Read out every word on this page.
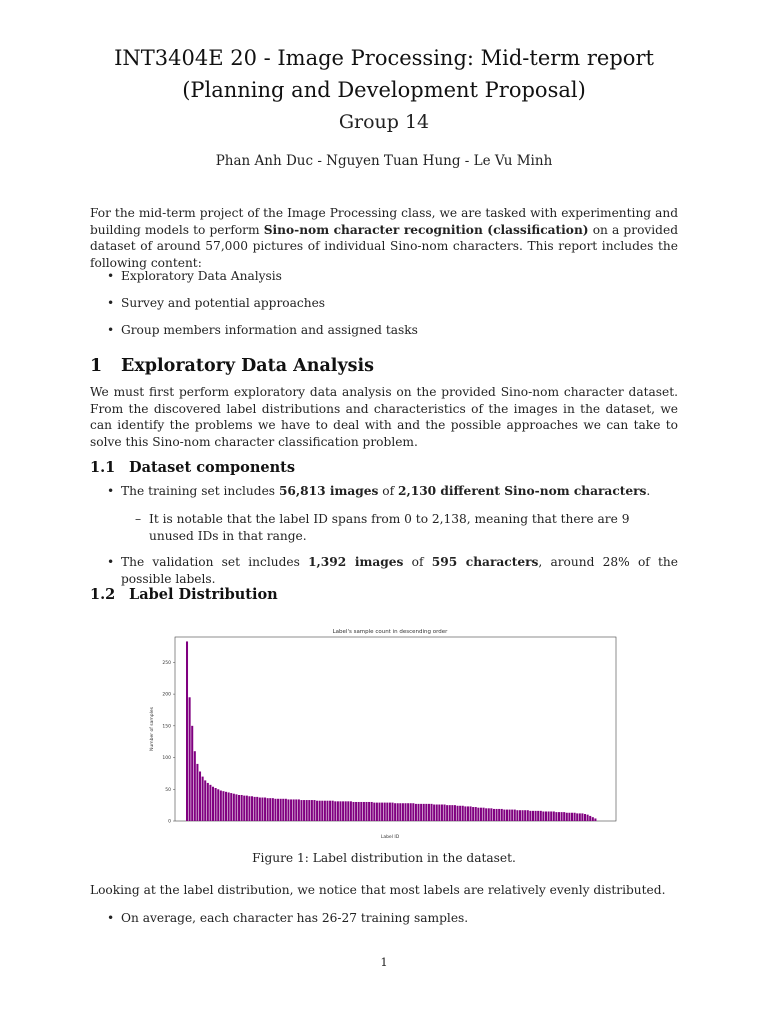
INT3404E 20 - Image Processing: Mid-term report
(Planning and Development Proposal)
Group 14
Phan Anh Duc - Nguyen Tuan Hung - Le Vu Minh
For the mid-term project of the Image Processing class, we are tasked with experimenting and building models to perform Sino-nom character recognition (classification) on a provided dataset of around 57,000 pictures of individual Sino-nom characters. This report includes the following content:
• Exploratory Data Analysis
• Survey and potential approaches
• Group members information and assigned tasks
1 Exploratory Data Analysis
We must first perform exploratory data analysis on the provided Sino-nom character dataset. From the discovered label distributions and characteristics of the images in the dataset, we can identify the problems we have to deal with and the possible approaches we can take to solve this Sino-nom character classification problem.
1.1 Dataset components
• The training set includes 56,813 images of 2,130 different Sino-nom characters.
– It is notable that the label ID spans from 0 to 2,138, meaning that there are 9 unused IDs in that range.
• The validation set includes 1,392 images of 595 characters, around 28% of the possible labels.
1.2 Label Distribution
Label's sample count in descending order
0
50
100
150
200
250
Number of samples
Label ID
Figure 1: Label distribution in the dataset.
Looking at the label distribution, we notice that most labels are relatively evenly distributed.
• On average, each character has 26-27 training samples.
1
